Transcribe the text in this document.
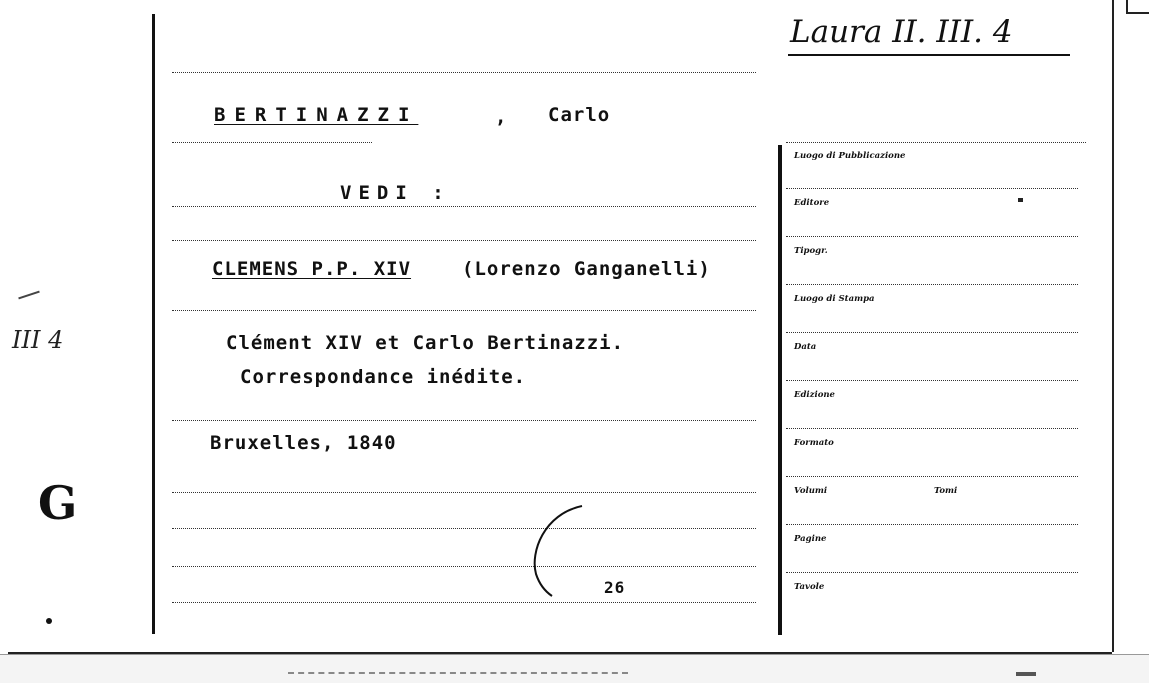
Laura II. III. 4
III 4
G
Luogo di Pubblicazione
Editore
Tipogr.
Luogo di Stampa
Data
Edizione
Formato
Volumi	Tomi
Pagine
Tavole
BERTINAZZI	, Carlo
VEDI :
CLEMENS P.P. XIV	(Lorenzo Ganganelli)
Clément XIV et Carlo Bertinazzi.
Correspondance inédite.
Bruxelles, 1840
26
